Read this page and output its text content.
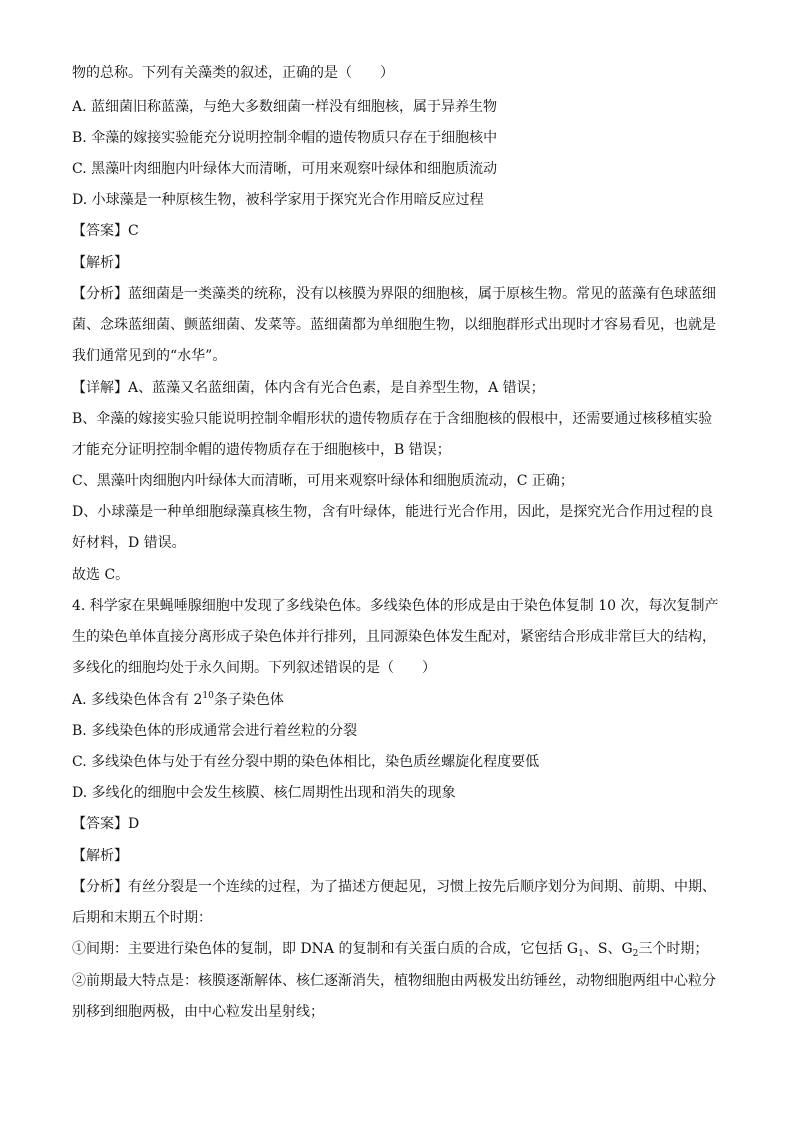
物的总称。下列有关藻类的叙述，正确的是（　　）
A. 蓝细菌旧称蓝藻，与绝大多数细菌一样没有细胞核，属于异养生物
B. 伞藻的嫁接实验能充分说明控制伞帽的遗传物质只存在于细胞核中
C. 黑藻叶肉细胞内叶绿体大而清晰，可用来观察叶绿体和细胞质流动
D. 小球藻是一种原核生物，被科学家用于探究光合作用暗反应过程
【答案】C
【解析】
【分析】蓝细菌是一类藻类的统称，没有以核膜为界限的细胞核，属于原核生物。常见的蓝藻有色球蓝细
菌、念珠蓝细菌、颤蓝细菌、发菜等。蓝细菌都为单细胞生物，以细胞群形式出现时才容易看见，也就是
我们通常见到的“水华”。
【详解】A、蓝藻又名蓝细菌，体内含有光合色素，是自养型生物，A 错误；
B、伞藻的嫁接实验只能说明控制伞帽形状的遗传物质存在于含细胞核的假根中，还需要通过核移植实验
才能充分证明控制伞帽的遗传物质存在于细胞核中，B 错误；
C、黑藻叶肉细胞内叶绿体大而清晰，可用来观察叶绿体和细胞质流动，C 正确；
D、小球藻是一种单细胞绿藻真核生物，含有叶绿体，能进行光合作用，因此，是探究光合作用过程的良
好材料，D 错误。
故选 C。
4. 科学家在果蝇唾腺细胞中发现了多线染色体。多线染色体的形成是由于染色体复制 10 次，每次复制产
生的染色单体直接分离形成子染色体并行排列，且同源染色体发生配对，紧密结合形成非常巨大的结构，
多线化的细胞均处于永久间期。下列叙述错误的是（　　）
A. 多线染色体含有 $2^{10}$条子染色体
B. 多线染色体的形成通常会进行着丝粒的分裂
C. 多线染色体与处于有丝分裂中期的染色体相比，染色质丝螺旋化程度要低
D. 多线化的细胞中会发生核膜、核仁周期性出现和消失的现象
【答案】D
【解析】
【分析】有丝分裂是一个连续的过程，为了描述方便起见，习惯上按先后顺序划分为间期、前期、中期、
后期和末期五个时期：
①间期：主要进行染色体的复制，即 DNA 的复制和有关蛋白质的合成，它包括 $G_1$、S、$G_2$三个时期；
②前期最大特点是：核膜逐渐解体、核仁逐渐消失，植物细胞由两极发出纺锤丝，动物细胞两组中心粒分
别移到细胞两极，由中心粒发出星射线；
